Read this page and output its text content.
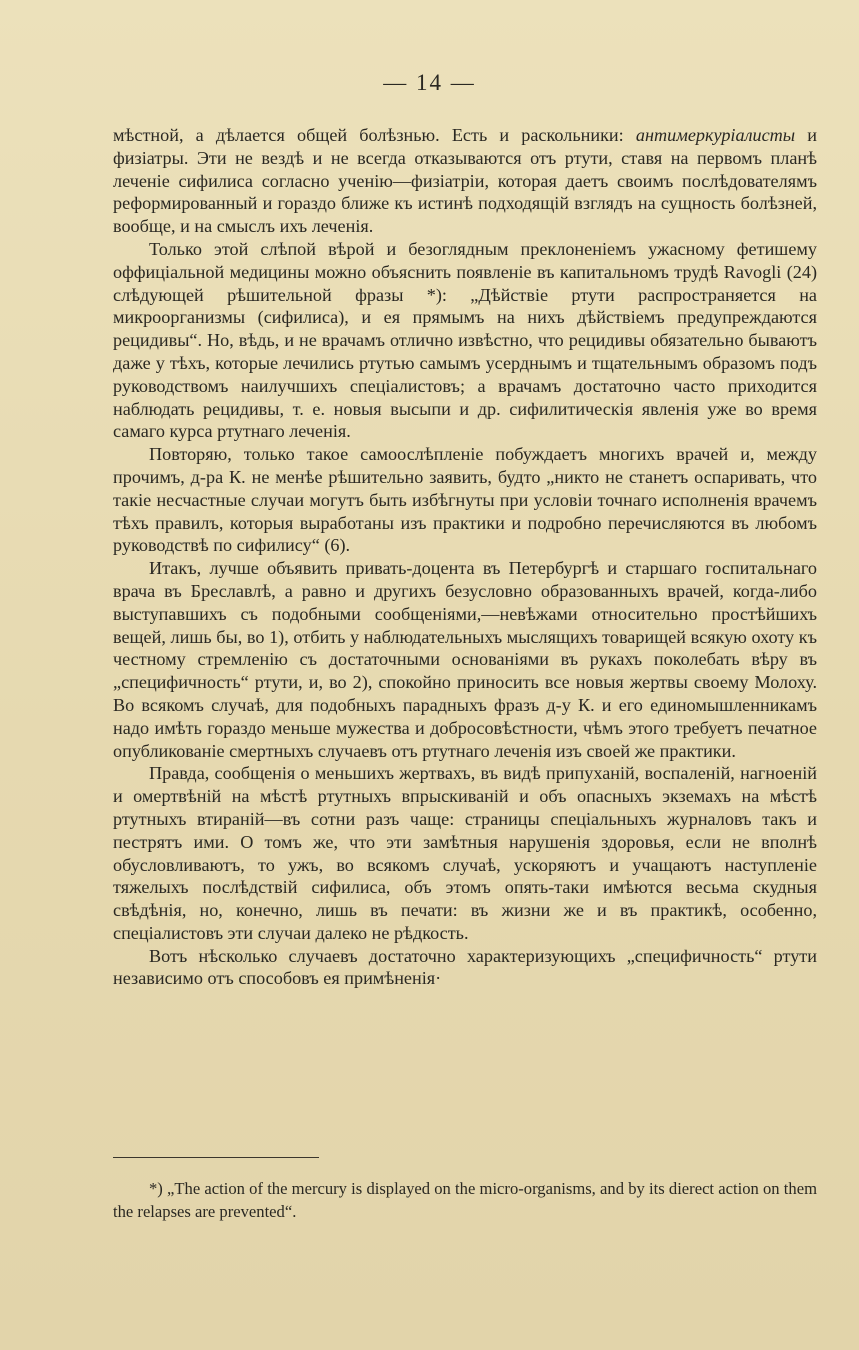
— 14 —

мѣстной, а дѣлается общей болѣзнью. Есть и раскольники: антимеркуріалисты и физіатры. Эти не вездѣ и не всегда отказываются отъ ртути, ставя на первомъ планѣ леченіе сифилиса согласно ученію—физіатріи, которая даетъ своимъ послѣдователямъ реформированный и гораздо ближе къ истинѣ подходящій взглядъ на сущность болѣзней, вообще, и на смыслъ ихъ леченія.

Только этой слѣпой вѣрой и безоглядным преклоненіемъ ужасному фетишему оффиціальной медицины можно объяснить появленіе въ капитальномъ трудѣ Ravogli (24) слѣдующей рѣшительной фразы *): „Дѣйствіе ртути распространяется на микроорганизмы (сифилиса), и ея прямымъ на нихъ дѣйствіемъ предупреждаются рецидивы“. Но, вѣдь, и не врачамъ отлично извѣстно, что рецидивы обязательно бываютъ даже у тѣхъ, которые лечились ртутью самымъ усерднымъ и тщательнымъ образомъ подъ руководствомъ наилучшихъ спеціалистовъ; а врачамъ достаточно часто приходится наблюдать рецидивы, т. е. новыя высыпи и др. сифилитическія явленія уже во время самаго курса ртутнаго леченія.

Повторяю, только такое самоослѣпленіе побуждаетъ многихъ врачей и, между прочимъ, д-ра К. не менѣе рѣшительно заявить, будто „никто не станетъ оспаривать, что такіе несчастные случаи могутъ быть избѣгнуты при условіи точнаго исполненія врачемъ тѣхъ правилъ, которыя выработаны изъ практики и подробно перечисляются въ любомъ руководствѣ по сифилису“ (6).

Итакъ, лучше объявить привать-доцента въ Петербургѣ и старшаго госпитальнаго врача въ Бреславлѣ, а равно и другихъ безусловно образованныхъ врачей, когда-либо выступавшихъ съ подобными сообщеніями,—невѣжами относительно простѣйшихъ вещей, лишь бы, во 1), отбить у наблюдательныхъ мыслящихъ товарищей всякую охоту къ честному стремленію съ достаточными основаніями въ рукахъ поколебать вѣру въ „специфичность“ ртути, и, во 2), спокойно приносить все новыя жертвы своему Молоху. Во всякомъ случаѣ, для подобныхъ парадныхъ фразъ д-у К. и его единомышленникамъ надо имѣть гораздо меньше мужества и добросовѣстности, чѣмъ этого требуетъ печатное опубликованіе смертныхъ случаевъ отъ ртутнаго леченія изъ своей же практики.

Правда, сообщенія о меньшихъ жертвахъ, въ видѣ припуханій, воспаленій, нагноеній и омертвѣній на мѣстѣ ртутныхъ впрыскиваній и объ опасныхъ экземахъ на мѣстѣ ртутныхъ втираній—въ сотни разъ чаще: страницы спеціальныхъ журналовъ такъ и пестрятъ ими. О томъ же, что эти замѣтныя нарушенія здоровья, если не вполнѣ обусловливаютъ, то ужъ, во всякомъ случаѣ, ускоряютъ и учащаютъ наступленіе тяжелыхъ послѣдствій сифилиса, объ этомъ опять-таки имѣются весьма скудныя свѣдѣнія, но, конечно, лишь въ печати: въ жизни же и въ практикѣ, особенно, спеціалистовъ эти случаи далеко не рѣдкость.

Вотъ нѣсколько случаевъ достаточно характеризующихъ „специфичность“ ртути независимо отъ способовъ ея примѣненія·

*) „The action of the mercury is displayed on the micro-organisms, and by its dierect action on them the relapses are prevented“.
